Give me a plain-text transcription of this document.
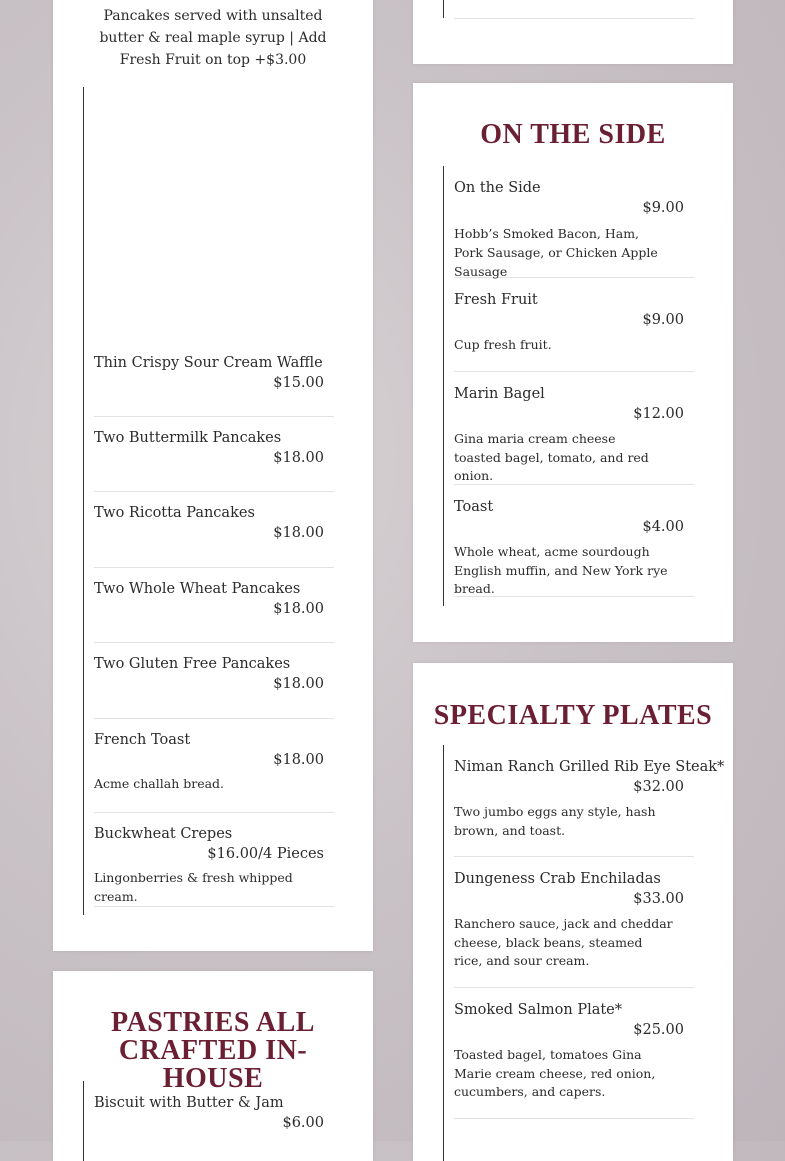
Pancakes served with unsalted butter & real maple syrup | Add Fresh Fruit on top +$3.00
Thin Crispy Sour Cream Waffle
$15.00
Two Buttermilk Pancakes
$18.00
Two Ricotta Pancakes
$18.00
Two Whole Wheat Pancakes
$18.00
Two Gluten Free Pancakes
$18.00
French Toast
$18.00
Acme challah bread.
Buckwheat Crepes
$16.00/4 Pieces
Lingonberries & fresh whipped cream.
PASTRIES ALL CRAFTED IN-HOUSE
Biscuit with Butter & Jam
$6.00
ON THE SIDE
On the Side
$9.00
Hobb’s Smoked Bacon, Ham, Pork Sausage, or Chicken Apple Sausage
Fresh Fruit
$9.00
Cup fresh fruit.
Marin Bagel
$12.00
Gina maria cream cheese toasted bagel, tomato, and red onion.
Toast
$4.00
Whole wheat, acme sourdough English muffin, and New York rye bread.
SPECIALTY PLATES
Niman Ranch Grilled Rib Eye Steak*
$32.00
Two jumbo eggs any style, hash brown, and toast.
Dungeness Crab Enchiladas
$33.00
Ranchero sauce, jack and cheddar cheese, black beans, steamed rice, and sour cream.
Smoked Salmon Plate*
$25.00
Toasted bagel, tomatoes Gina Marie cream cheese, red onion, cucumbers, and capers.
